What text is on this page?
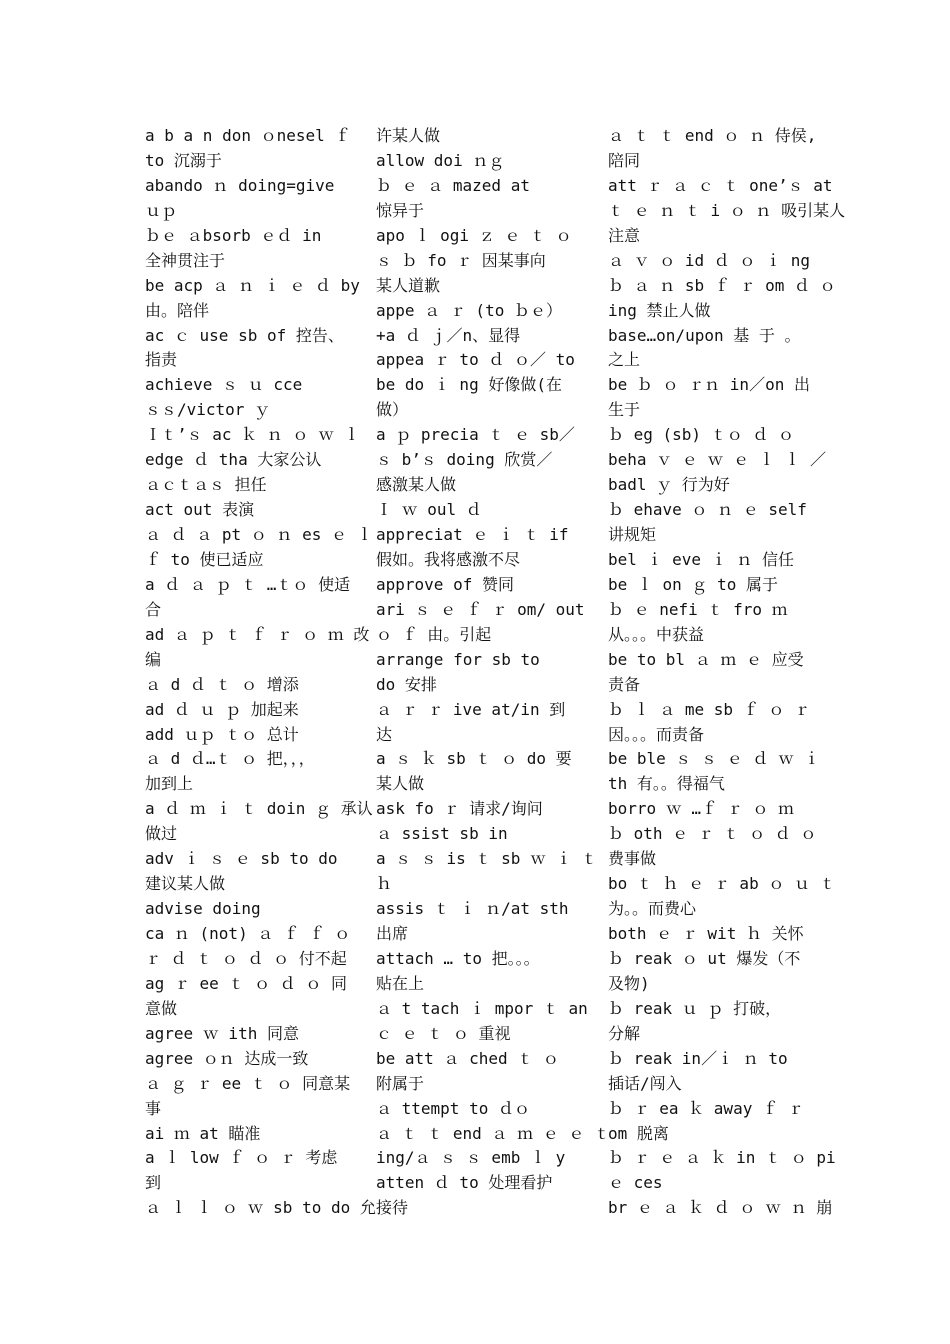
a b a n don ｏnesel ｆ
to 沉溺于
abando ｎ doing=give
ｕｐ
ｂｅ ａbsorb ｅｄ in
全神贯注于
be acp ａ ｎ ｉ ｅ ｄ by
由。陪伴
ac ｃ use sb of 控告、
指责
achieve ｓ ｕ cce
ｓｓ/victor ｙ
Ｉｔ’ｓ ac ｋ ｎ ｏ ｗ ｌ
edge ｄ tha 大家公认
ａｃｔａｓ 担任
act out 表演
ａ ｄ ａ pt ｏ ｎ es ｅ ｌ
ｆ to 使已适应
a ｄ ａ ｐ ｔ …ｔｏ 使适
合
ad ａ ｐ ｔ ｆ ｒ ｏ ｍ 改
编
ａ d ｄ ｔ ｏ 增添
ad ｄ ｕ ｐ 加起来
add ｕｐ ｔｏ 总计
ａ d ｄ…ｔ ｏ 把，，，
加到上
a ｄ ｍ ｉ ｔ doin ｇ 承认
做过
adv ｉ ｓ ｅ sb to do
建议某人做
advise doing
ca ｎ (not) ａ ｆ ｆ ｏ
ｒ ｄ ｔ ｏ ｄ ｏ 付不起
ag ｒ ee ｔ ｏ ｄ ｏ 同
意做
agree ｗ ith 同意
agree ｏｎ 达成一致
ａ ｇ ｒ ee ｔ ｏ 同意某
事
ai ｍ at 瞄准
a ｌ low ｆ ｏ ｒ 考虑
到
ａ ｌ ｌ ｏ ｗ sb to do 允
许某人做
allow doi ｎｇ
ｂ ｅ ａ mazed at
惊异于
apo ｌ ogi ｚ ｅ ｔ ｏ
ｓ ｂ fo ｒ 因某事向
某人道歉
appe ａ ｒ (to ｂｅ）
+a ｄ ｊ／n、显得
appea ｒ to ｄ ｏ／ to
be do ｉ ng 好像做(在
做）
a ｐ precia ｔ ｅ sb／
ｓ b’ｓ doing 欣赏／
感激某人做
Ｉ ｗ oul ｄ
appreciat ｅ ｉ ｔ if
假如。我将感激不尽
approve of 赞同
ari ｓ ｅ ｆ ｒ om/ out
ｏ ｆ 由。引起
arrange for sb to
do 安排
ａ ｒ ｒ ive at/in 到
达
a ｓ ｋ sb ｔ ｏ do 要
某人做
ask fo ｒ 请求/询问
ａ ssist sb in
a ｓ ｓ is ｔ sb ｗ ｉ ｔ
ｈ
assis ｔ ｉ ｎ/at sth
出席
attach … to 把。。。
贴在上
ａ t tach ｉ mpor ｔ an
ｃ ｅ ｔ ｏ 重视
be att ａ ched ｔ ｏ
附属于
ａ ttempt to ｄｏ
ａ ｔ ｔ end ａ ｍ ｅ ｅ ｔ
ing/ａ ｓ ｓ emb ｌ y
atten ｄ to 处理看护
接待
ａ ｔ ｔ end ｏ ｎ 侍侯,
陪同
att ｒ ａ ｃ ｔ one’ｓ at
ｔ ｅ ｎ ｔ i ｏ ｎ 吸引某人
注意
ａ ｖ ｏ id ｄ ｏ ｉ ng
ｂ ａ ｎ sb ｆ ｒ om ｄ ｏ
ing 禁止人做
base…on/upon 基 于 。
之上
be ｂ ｏ ｒｎ in／on 出
生于
ｂ eg (sb) ｔｏ ｄ ｏ
beha ｖ ｅ ｗ ｅ ｌ ｌ ／
badl ｙ 行为好
ｂ ehave ｏ ｎ ｅ self
讲规矩
bel ｉ eve ｉ ｎ 信任
be ｌ on ｇ to 属于
ｂ ｅ nefi ｔ fro ｍ
从。。。中获益
be to bl ａ ｍ ｅ 应受
责备
ｂ ｌ ａ me sb ｆ ｏ ｒ
因。。。而责备
be ble ｓ ｓ ｅ ｄ ｗ ｉ
th 有。。得福气
borro ｗ …ｆ ｒ ｏ ｍ
ｂ oth ｅ ｒ ｔ ｏ ｄ ｏ
费事做
bo ｔ ｈ ｅ ｒ ab ｏ ｕ ｔ
为。。而费心
both ｅ ｒ wit ｈ 关怀
ｂ reak ｏ ut 爆发（不
及物)
ｂ reak ｕ ｐ 打破，
分解
ｂ reak in／ｉ ｎ to
插话/闯入
ｂ ｒ ea ｋ away ｆ ｒ
om 脱离
ｂ ｒ ｅ ａ ｋ in ｔ ｏ pi
ｅ ces
br ｅ ａ ｋ ｄ ｏ ｗ ｎ 崩
